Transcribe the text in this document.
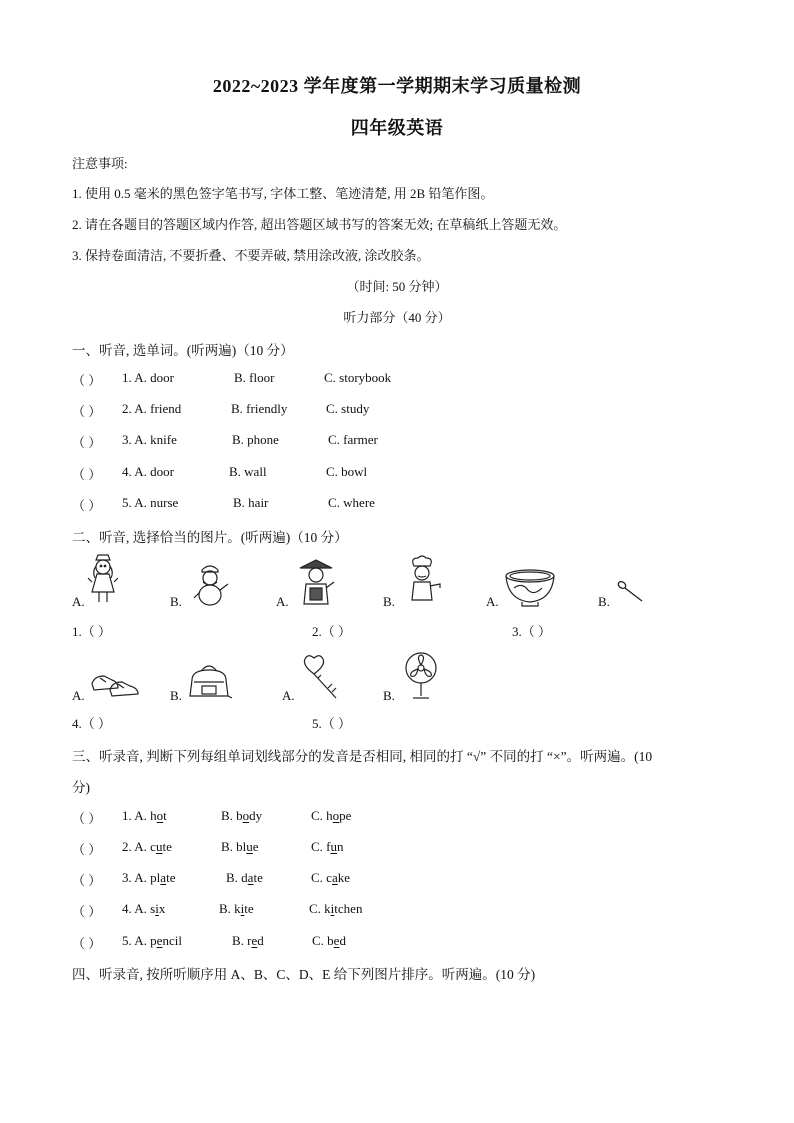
2022~2023 学年度第一学期期末学习质量检测
四年级英语
注意事项:
1. 使用 0.5 毫米的黑色签字笔书写, 字体工整、笔迹清楚, 用 2B 铅笔作图。
2. 请在各题目的答题区域内作答, 超出答题区域书写的答案无效; 在草稿纸上答题无效。
3. 保持卷面清洁, 不要折叠、不要弄破, 禁用涂改液, 涂改胶条。
（时间: 50 分钟）
听力部分（40 分）
一、听音, 选单词。(听两遍)（10 分）
（ ） 1. A. door	B. floor	C. storybook
（ ） 2. A. friend	B. friendly	C. study
（ ） 3. A. knife	B. phone	C. farmer
（ ） 4. A. door	B. wall	C. bowl
（ ） 5. A. nurse	B. hair	C. where
二、听音, 选择恰当的图片。(听两遍)（10 分）
A.	B.	A.	B.	A.	B.
1.（ ）	2.（ ）	3.（ ）
A.	B.	A.	B.
4.（ ）	5.（ ）
三、听录音, 判断下列每组单词划线部分的发音是否相同, 相同的打 “√” 不同的打 “×”。听两遍。(10
分)
（ ） 1. A. hot	B. body	C. hope
（ ） 2. A. cute	B. blue	C. fun
（ ） 3. A. plate	B. date	C. cake
（ ） 4. A. six	B. kite	C. kitchen
（ ） 5. A. pencil	B. red	C. bed
四、听录音, 按所听顺序用 A、B、C、D、E 给下列图片排序。听两遍。(10 分)
